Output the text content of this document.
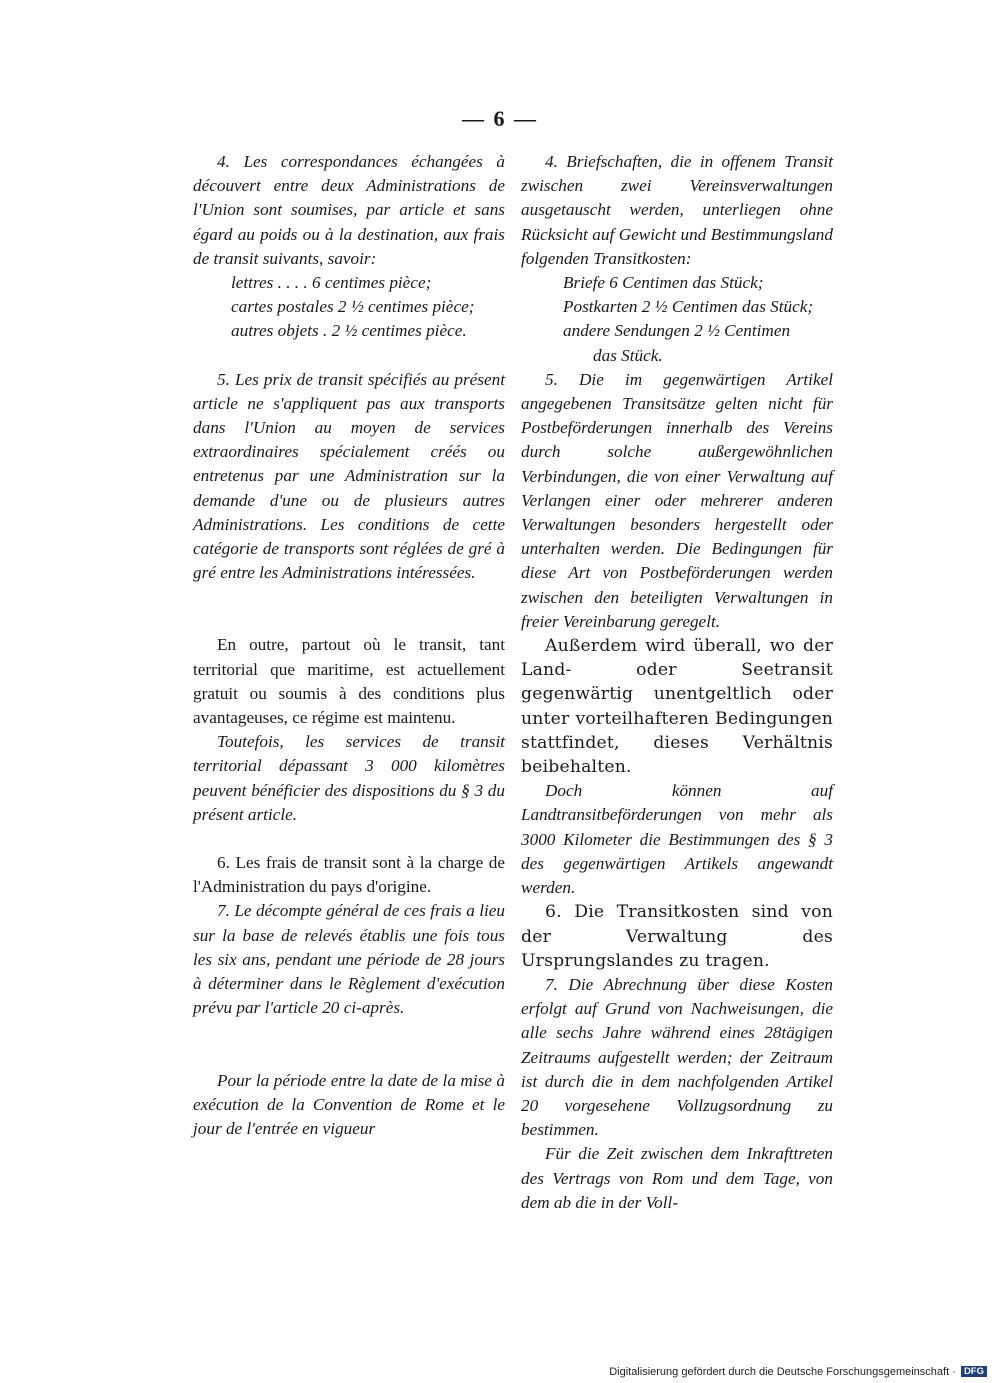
— 6 —

4. Les correspondances échangées à découvert entre deux Administrations de l'Union sont soumises, par article et sans égard au poids ou à la destination, aux frais de transit suivants, savoir:

lettres . . . . 6 centimes pièce;
cartes postales 2 ½ centimes pièce;
autres objets . 2 ½ centimes pièce.

5. Les prix de transit spécifiés au présent article ne s'appliquent pas aux transports dans l'Union au moyen de services extraordinaires spécialement créés ou entretenus par une Administration sur la demande d'une ou de plusieurs autres Administrations. Les conditions de cette catégorie de transports sont réglées de gré à gré entre les Administrations intéressées.

En outre, partout où le transit, tant territorial que maritime, est actuellement gratuit ou soumis à des conditions plus avantageuses, ce régime est maintenu.

Toutefois, les services de transit territorial dépassant 3 000 kilomètres peuvent bénéficier des dispositions du § 3 du présent article.

6. Les frais de transit sont à la charge de l'Administration du pays d'origine.

7. Le décompte général de ces frais a lieu sur la base de relevés établis une fois tous les six ans, pendant une période de 28 jours à déterminer dans le Règlement d'exécution prévu par l'article 20 ci-après.

Pour la période entre la date de la mise à exécution de la Convention de Rome et le jour de l'entrée en vigueur

4. Briefschaften, die in offenem Transit zwischen zwei Vereinsverwaltungen ausgetauscht werden, unterliegen ohne Rücksicht auf Gewicht und Bestimmungsland folgenden Transitkosten:

Briefe 6 Centimen das Stück;
Postkarten 2 ½ Centimen das Stück;
andere Sendungen 2 ½ Centimen
das Stück.

5. Die im gegenwärtigen Artikel angegebenen Transitsätze gelten nicht für Postbeförderungen innerhalb des Vereins durch solche außergewöhnlichen Verbindungen, die von einer Verwaltung auf Verlangen einer oder mehrerer anderen Verwaltungen besonders hergestellt oder unterhalten werden. Die Bedingungen für diese Art von Postbeförderungen werden zwischen den beteiligten Verwaltungen in freier Vereinbarung geregelt.

Außerdem wird überall, wo der Land- oder Seetransit gegenwärtig unentgeltlich oder unter vorteilhafteren Bedingungen stattfindet, dieses Verhältnis beibehalten.

Doch können auf Landtransitbeförderungen von mehr als 3000 Kilometer die Bestimmungen des § 3 des gegenwärtigen Artikels angewandt werden.

6. Die Transitkosten sind von der Verwaltung des Ursprungslandes zu tragen.

7. Die Abrechnung über diese Kosten erfolgt auf Grund von Nachweisungen, die alle sechs Jahre während eines 28tägigen Zeitraums aufgestellt werden; der Zeitraum ist durch die in dem nachfolgenden Artikel 20 vorgesehene Vollzugsordnung zu bestimmen.

Für die Zeit zwischen dem Inkrafttreten des Vertrags von Rom und dem Tage, von dem ab die in der Voll-

Digitalisierung gefördert durch die Deutsche Forschungsgemeinschaft · DFG
